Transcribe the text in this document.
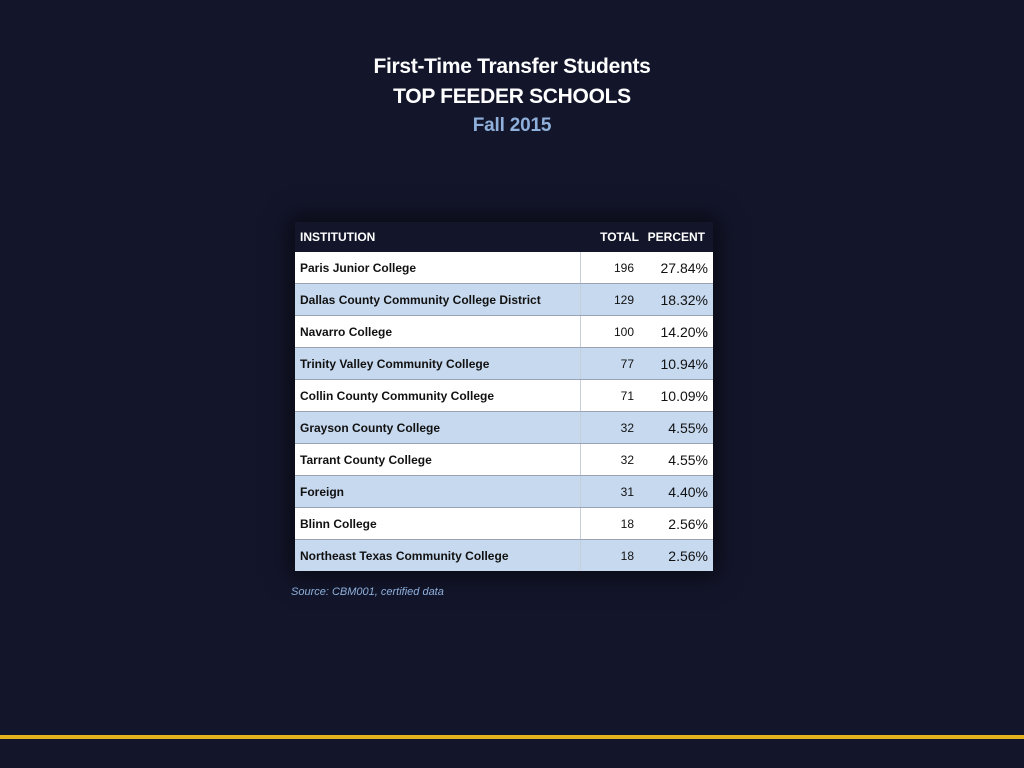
First-Time Transfer Students
TOP FEEDER SCHOOLS
Fall 2015
INSTITUTION	TOTAL PERCENT
Paris Junior College	196	27.84%
Dallas County Community College District	129	18.32%
Navarro College	100	14.20%
Trinity Valley Community College	77	10.94%
Collin County Community College	71	10.09%
Grayson County College	32	4.55%
Tarrant County College	32	4.55%
Foreign	31	4.40%
Blinn College	18	2.56%
Northeast Texas Community College	18	2.56%
Source: CBM001, certified data
